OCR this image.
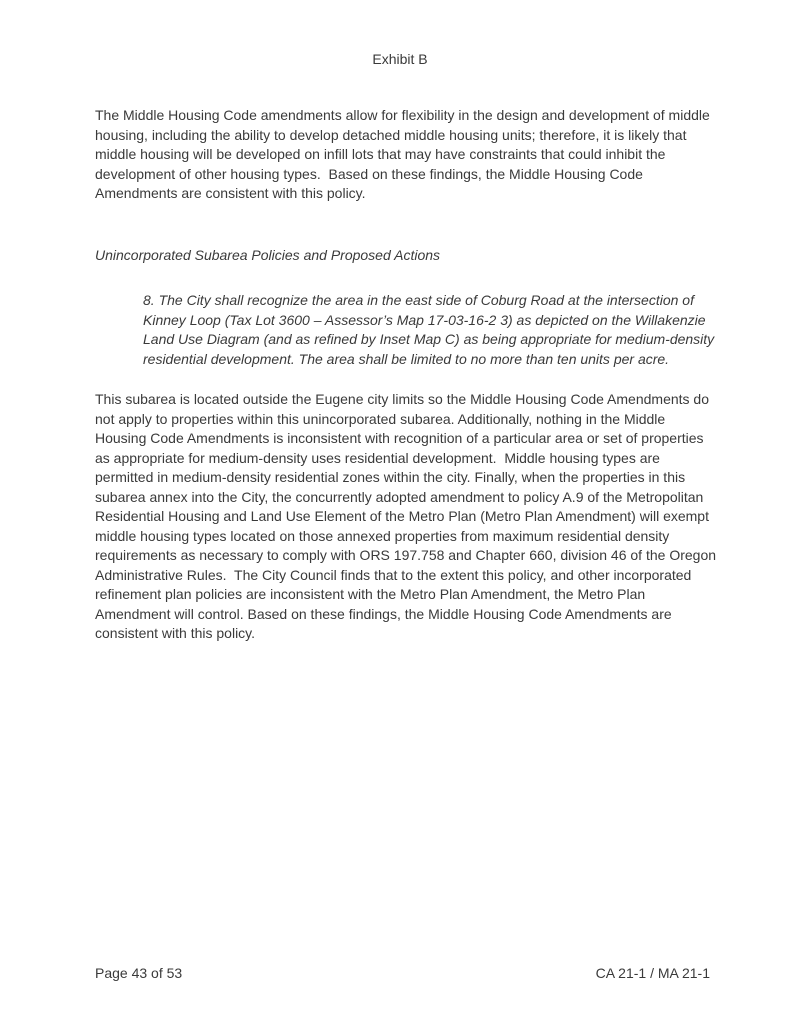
Exhibit B

The Middle Housing Code amendments allow for flexibility in the design and development of middle housing, including the ability to develop detached middle housing units; therefore, it is likely that middle housing will be developed on infill lots that may have constraints that could inhibit the development of other housing types.  Based on these findings, the Middle Housing Code Amendments are consistent with this policy.

Unincorporated Subarea Policies and Proposed Actions

8. The City shall recognize the area in the east side of Coburg Road at the intersection of Kinney Loop (Tax Lot 3600 – Assessor’s Map 17-03-16-2 3) as depicted on the Willakenzie Land Use Diagram (and as refined by Inset Map C) as being appropriate for medium-density residential development. The area shall be limited to no more than ten units per acre.

This subarea is located outside the Eugene city limits so the Middle Housing Code Amendments do not apply to properties within this unincorporated subarea. Additionally, nothing in the Middle Housing Code Amendments is inconsistent with recognition of a particular area or set of properties as appropriate for medium-density uses residential development.  Middle housing types are permitted in medium-density residential zones within the city. Finally, when the properties in this subarea annex into the City, the concurrently adopted amendment to policy A.9 of the Metropolitan Residential Housing and Land Use Element of the Metro Plan (Metro Plan Amendment) will exempt middle housing types located on those annexed properties from maximum residential density requirements as necessary to comply with ORS 197.758 and Chapter 660, division 46 of the Oregon Administrative Rules.  The City Council finds that to the extent this policy, and other incorporated refinement plan policies are inconsistent with the Metro Plan Amendment, the Metro Plan Amendment will control. Based on these findings, the Middle Housing Code Amendments are consistent with this policy.

Page 43 of 53	CA 21-1 / MA 21-1
